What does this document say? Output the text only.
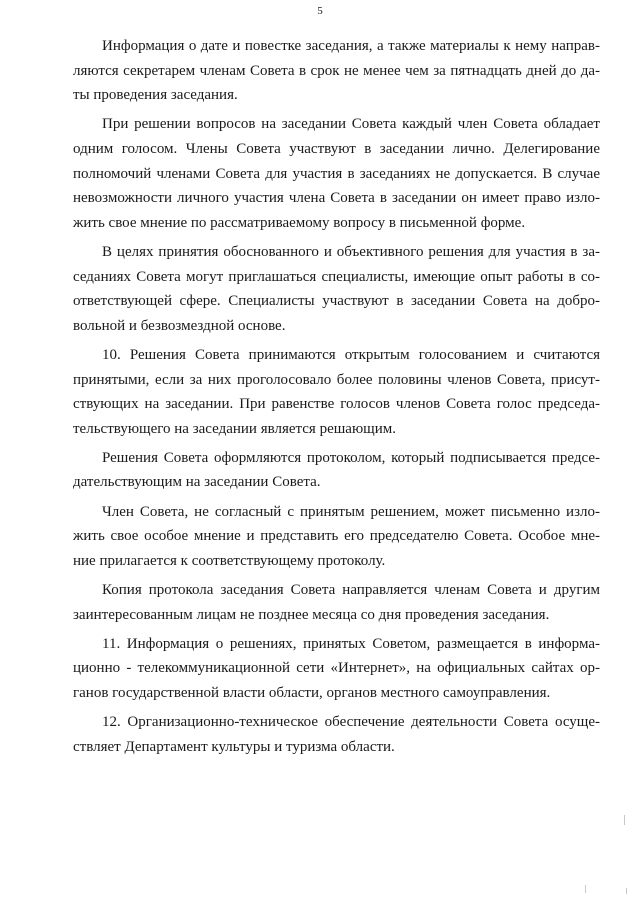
5
Информация о дате и повестке заседания, а также материалы к нему направ-
ляются секретарем членам Совета в срок не менее чем за пятнадцать дней до да-
ты проведения заседания.
При решении вопросов на заседании Совета каждый член Совета обладает
одним голосом. Члены Совета участвуют в заседании лично. Делегирование
полномочий членами Совета для участия в заседаниях не допускается. В случае
невозможности личного участия члена Совета в заседании он имеет право изло-
жить свое мнение по рассматриваемому вопросу в письменной форме.
В целях принятия обоснованного и объективного решения для участия в за-
седаниях Совета могут приглашаться специалисты, имеющие опыт работы в со-
ответствующей сфере. Специалисты участвуют в заседании Совета на добро-
вольной и безвозмездной основе.
10. Решения Совета принимаются открытым голосованием и считаются
принятыми, если за них проголосовало более половины членов Совета, присут-
ствующих на заседании. При равенстве голосов членов Совета голос председа-
тельствующего на заседании является решающим.
Решения Совета оформляются протоколом, который подписывается предсе-
дательствующим на заседании Совета.
Член Совета, не согласный с принятым решением, может письменно изло-
жить свое особое мнение и представить его председателю Совета. Особое мне-
ние прилагается к соответствующему протоколу.
Копия протокола заседания Совета направляется членам Совета и другим
заинтересованным лицам не позднее месяца со дня проведения заседания.
11. Информация о решениях, принятых Советом, размещается в информа-
ционно - телекоммуникационной сети «Интернет», на официальных сайтах ор-
ганов государственной власти области, органов местного самоуправления.
12. Организационно-техническое обеспечение деятельности Совета осуще-
ствляет Департамент культуры и туризма области.
